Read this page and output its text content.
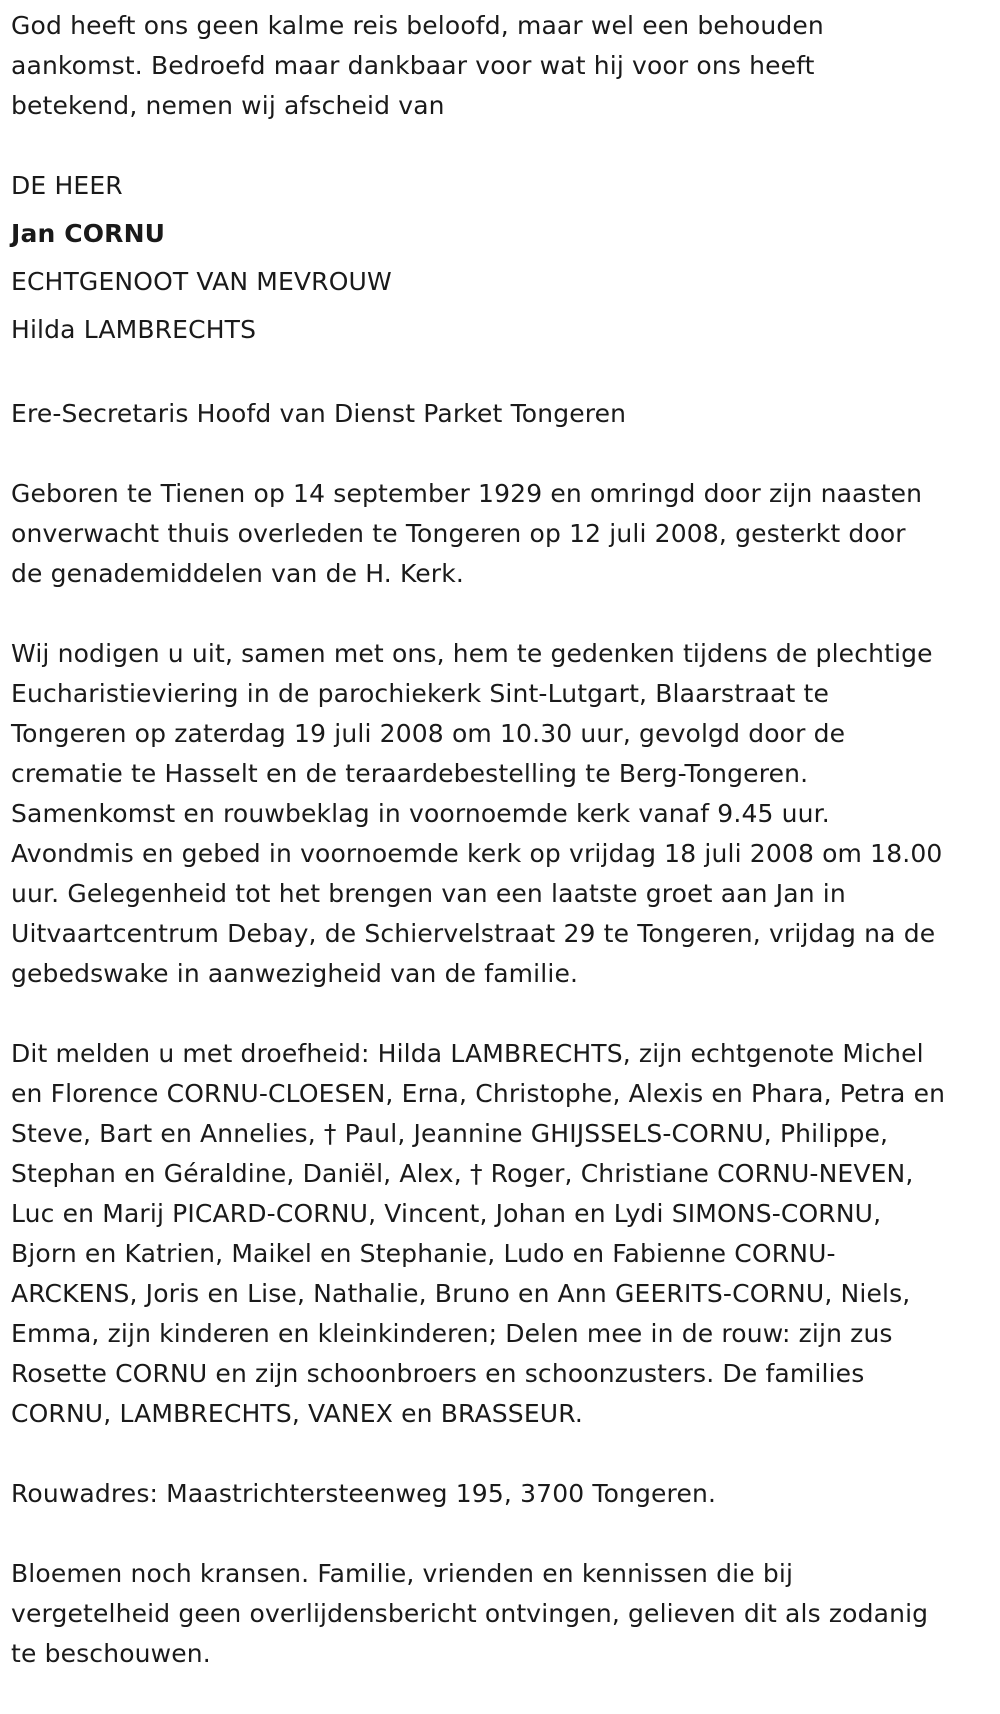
God heeft ons geen kalme reis beloofd, maar wel een behouden
aankomst. Bedroefd maar dankbaar voor wat hij voor ons heeft
betekend, nemen wij afscheid van
DE HEER
Jan CORNU
ECHTGENOOT VAN MEVROUW
Hilda LAMBRECHTS
Ere-Secretaris Hoofd van Dienst Parket Tongeren
Geboren te Tienen op 14 september 1929 en omringd door zijn naasten
onverwacht thuis overleden te Tongeren op 12 juli 2008, gesterkt door
de genademiddelen van de H. Kerk.
Wij nodigen u uit, samen met ons, hem te gedenken tijdens de plechtige
Eucharistieviering in de parochiekerk Sint-Lutgart, Blaarstraat te
Tongeren op zaterdag 19 juli 2008 om 10.30 uur, gevolgd door de
crematie te Hasselt en de teraardebestelling te Berg-Tongeren.
Samenkomst en rouwbeklag in voornoemde kerk vanaf 9.45 uur.
Avondmis en gebed in voornoemde kerk op vrijdag 18 juli 2008 om 18.00
uur. Gelegenheid tot het brengen van een laatste groet aan Jan in
Uitvaartcentrum Debay, de Schiervelstraat 29 te Tongeren, vrijdag na de
gebedswake in aanwezigheid van de familie.
Dit melden u met droefheid: Hilda LAMBRECHTS, zijn echtgenote Michel
en Florence CORNU-CLOESEN, Erna, Christophe, Alexis en Phara, Petra en
Steve, Bart en Annelies, † Paul, Jeannine GHIJSSELS-CORNU, Philippe,
Stephan en Géraldine, Daniël, Alex, † Roger, Christiane CORNU-NEVEN,
Luc en Marij PICARD-CORNU, Vincent, Johan en Lydi SIMONS-CORNU,
Bjorn en Katrien, Maikel en Stephanie, Ludo en Fabienne CORNU-
ARCKENS, Joris en Lise, Nathalie, Bruno en Ann GEERITS-CORNU, Niels,
Emma, zijn kinderen en kleinkinderen; Delen mee in de rouw: zijn zus
Rosette CORNU en zijn schoonbroers en schoonzusters. De families
CORNU, LAMBRECHTS, VANEX en BRASSEUR.
Rouwadres: Maastrichtersteenweg 195, 3700 Tongeren.
Bloemen noch kransen. Familie, vrienden en kennissen die bij
vergetelheid geen overlijdensbericht ontvingen, gelieven dit als zodanig
te beschouwen.
